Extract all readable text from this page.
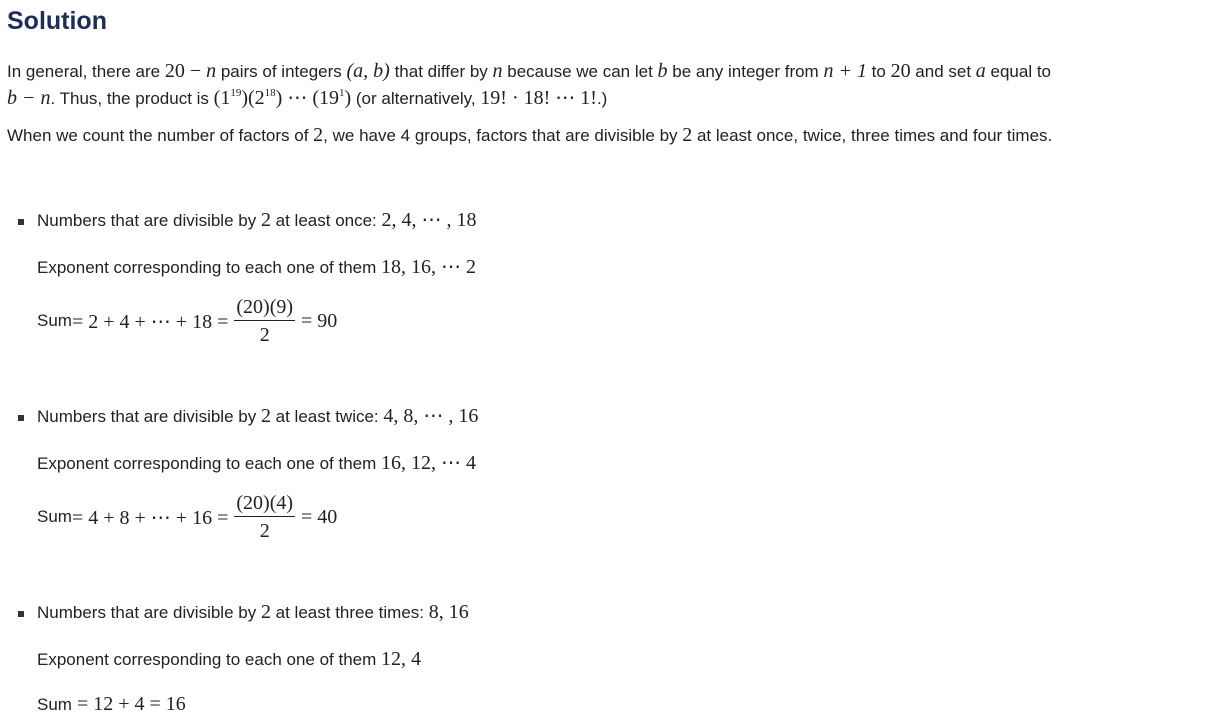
Solution

In general, there are 20 − n pairs of integers (a, b) that differ by n because we can let b be any integer from n + 1 to 20 and set a equal to
b − n. Thus, the product is $(1^{19})(2^{18})$ ⋯ $(19^1)$ (or alternatively, 19! · 18! ⋯ 1!.)

When we count the number of factors of 2, we have 4 groups, factors that are divisible by 2 at least once, twice, three times and four times.

Numbers that are divisible by 2 at least once: 2, 4, ⋯ , 18

Exponent corresponding to each one of them 18, 16, ⋯ 2

Sum = 2 + 4 + ⋯ + $18 = \frac{(20)(9)}{2} = 90$

Numbers that are divisible by 2 at least twice: 4, 8, ⋯ , 16

Exponent corresponding to each one of them 16, 12, ⋯ 4

Sum = 4 + 8 + ⋯ + $16 = \frac{(20)(4)}{2} = 40$

Numbers that are divisible by 2 at least three times: 8, 16

Exponent corresponding to each one of them 12, 4

Sum = 12 + 4 = 16
